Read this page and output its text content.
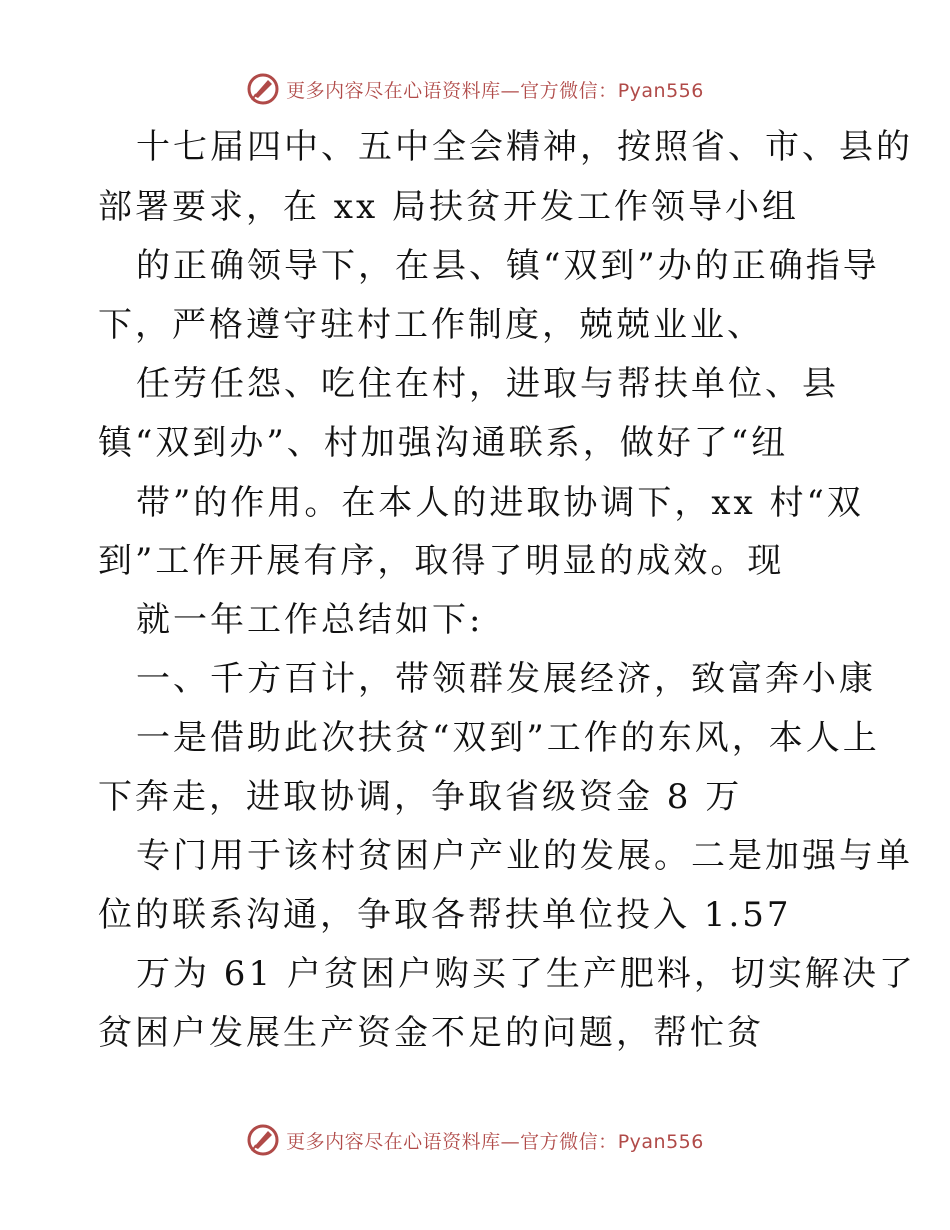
更多内容尽在心语资料库—官方微信：Pyan556
十七届四中、五中全会精神，按照省、市、县的
部署要求，在 xx 局扶贫开发工作领导小组
的正确领导下，在县、镇“双到”办的正确指导
下，严格遵守驻村工作制度，兢兢业业、
任劳任怨、吃住在村，进取与帮扶单位、县
镇“双到办”、村加强沟通联系，做好了“纽
带”的作用。在本人的进取协调下，xx 村“双
到”工作开展有序，取得了明显的成效。现
就一年工作总结如下:
一、千方百计，带领群发展经济，致富奔小康
一是借助此次扶贫“双到”工作的东风，本人上
下奔走，进取协调，争取省级资金 8 万
专门用于该村贫困户产业的发展。二是加强与单
位的联系沟通，争取各帮扶单位投入 1.57
万为 61 户贫困户购买了生产肥料，切实解决了
贫困户发展生产资金不足的问题，帮忙贫
更多内容尽在心语资料库—官方微信：Pyan556
